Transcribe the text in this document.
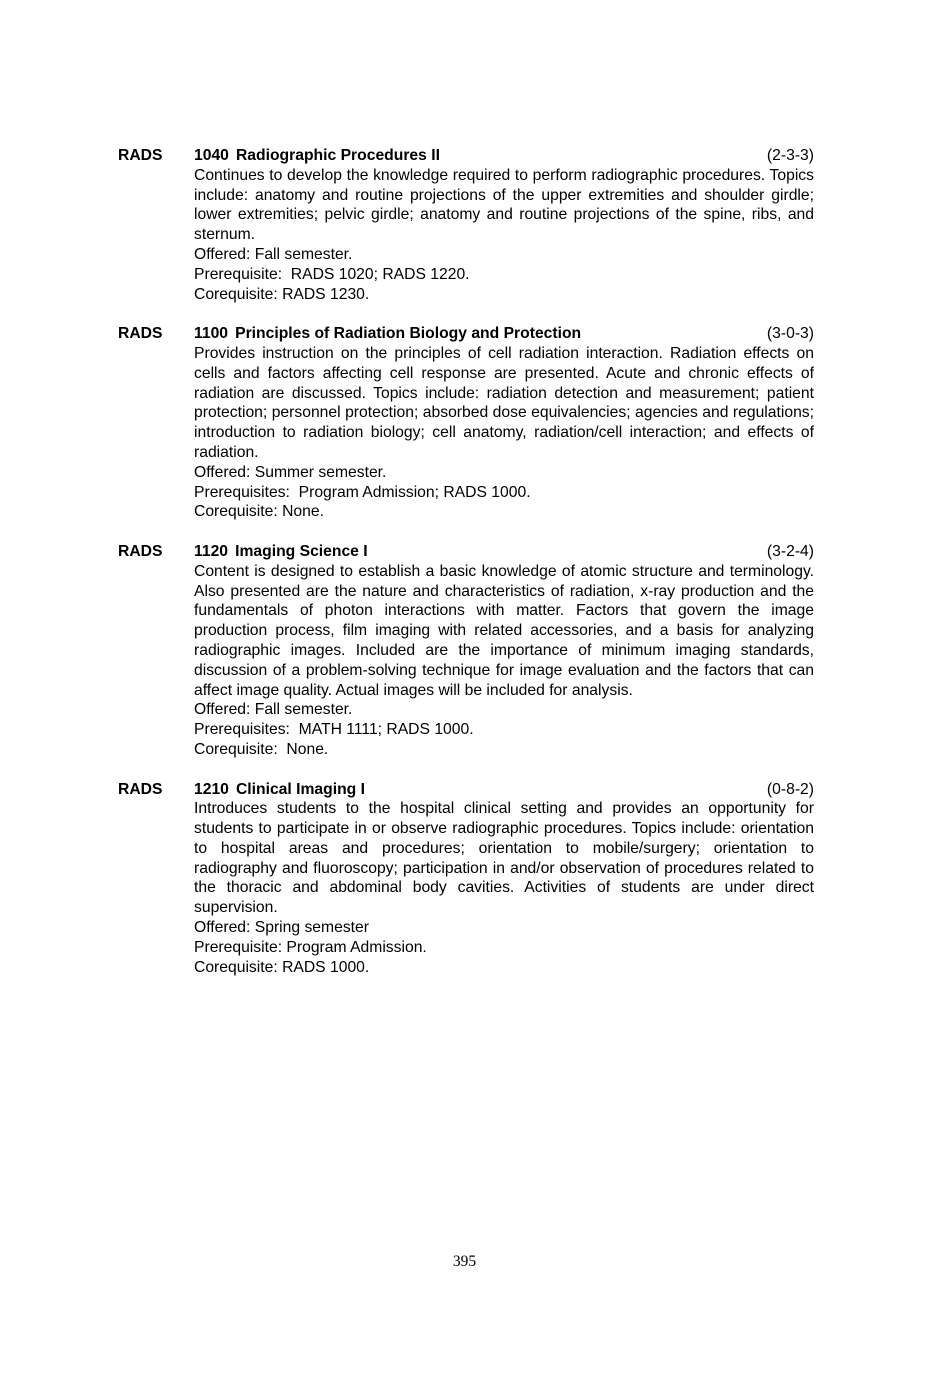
RADS	1040 Radiographic Procedures II	(2-3-3)

Continues to develop the knowledge required to perform radiographic procedures. Topics include: anatomy and routine projections of the upper extremities and shoulder girdle; lower extremities; pelvic girdle; anatomy and routine projections of the spine, ribs, and sternum.

Offered: Fall semester.

Prerequisite:  RADS 1020; RADS 1220.

Corequisite: RADS 1230.

RADS	1100 Principles of Radiation Biology and Protection	(3-0-3)

Provides instruction on the principles of cell radiation interaction. Radiation effects on cells and factors affecting cell response are presented. Acute and chronic effects of radiation are discussed. Topics include: radiation detection and measurement; patient protection; personnel protection; absorbed dose equivalencies; agencies and regulations; introduction to radiation biology; cell anatomy, radiation/cell interaction; and effects of radiation.

Offered: Summer semester.

Prerequisites:  Program Admission; RADS 1000.

Corequisite: None.

RADS	1120 Imaging Science I	(3-2-4)

Content is designed to establish a basic knowledge of atomic structure and terminology. Also presented are the nature and characteristics of radiation, x-ray production and the fundamentals of photon interactions with matter. Factors that govern the image production process, film imaging with related accessories, and a basis for analyzing radiographic images. Included are the importance of minimum imaging standards, discussion of a problem-solving technique for image evaluation and the factors that can affect image quality. Actual images will be included for analysis.

Offered: Fall semester.

Prerequisites:  MATH 1111; RADS 1000.

Corequisite:  None.

RADS	1210 Clinical Imaging I	(0-8-2)

Introduces students to the hospital clinical setting and provides an opportunity for students to participate in or observe radiographic procedures. Topics include: orientation to hospital areas and procedures; orientation to mobile/surgery; orientation to radiography and fluoroscopy; participation in and/or observation of procedures related to the thoracic and abdominal body cavities. Activities of students are under direct supervision.

Offered: Spring semester

Prerequisite: Program Admission.

Corequisite: RADS 1000.

395
